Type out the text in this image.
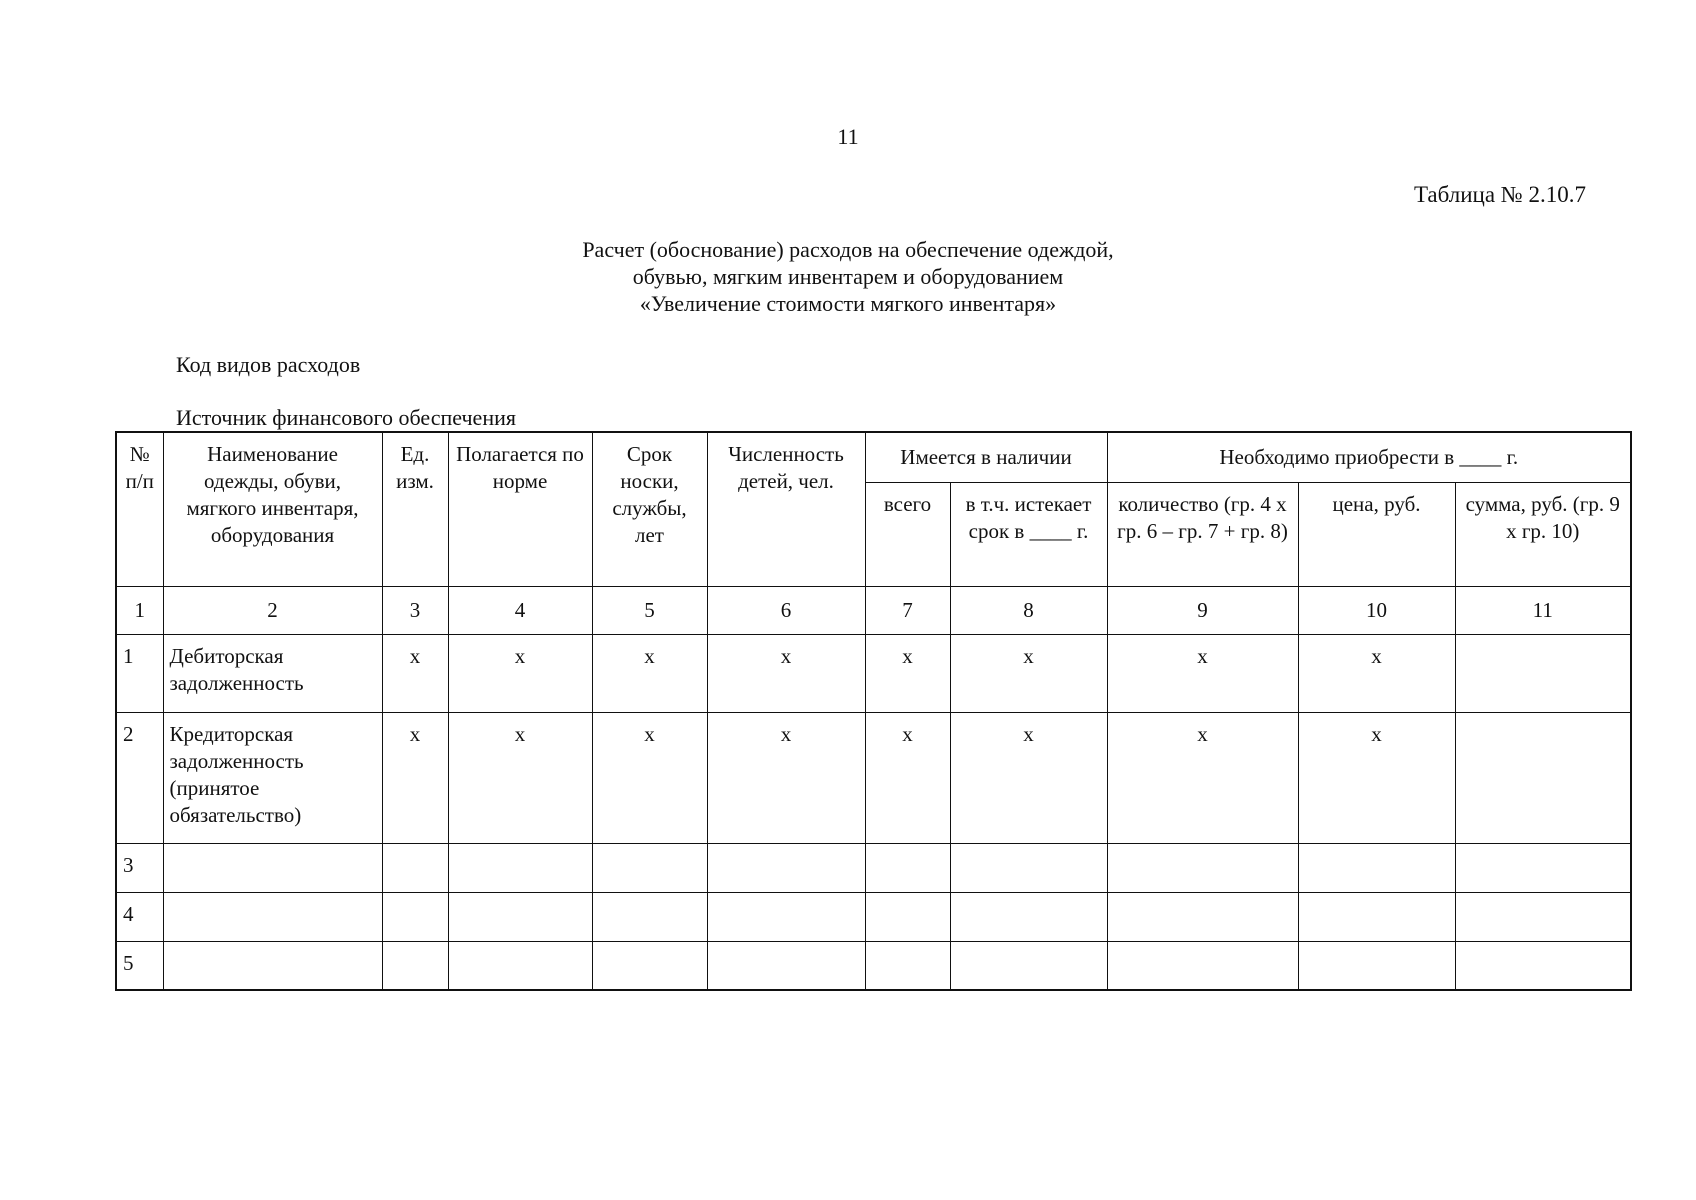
11
Таблица № 2.10.7
Расчет (обоснование) расходов на обеспечение одеждой,
обувью, мягким инвентарем и оборудованием
«Увеличение стоимости мягкого инвентаря»
Код видов расходов
Источник финансового обеспечения
№ п/п	Наименование одежды, обуви, мягкого инвентаря, оборудования	Ед. изм.	Полагается по норме	Срок носки, службы, лет	Численность детей, чел.	Имеется в наличии		Необходимо приобрести в ____ г.		
						всего	в т.ч. истекает срок в ____ г.	количество (гр. 4 х гр. 6 – гр. 7 + гр. 8)	цена, руб.	сумма, руб. (гр. 9 х гр. 10)
1	2	3	4	5	6	7	8	9	10	11
1	Дебиторская задолженность	х	х	х	х	х	х	х	х	
2	Кредиторская задолженность (принятое обязательство)	х	х	х	х	х	х	х	х	
3										
4										
5										
